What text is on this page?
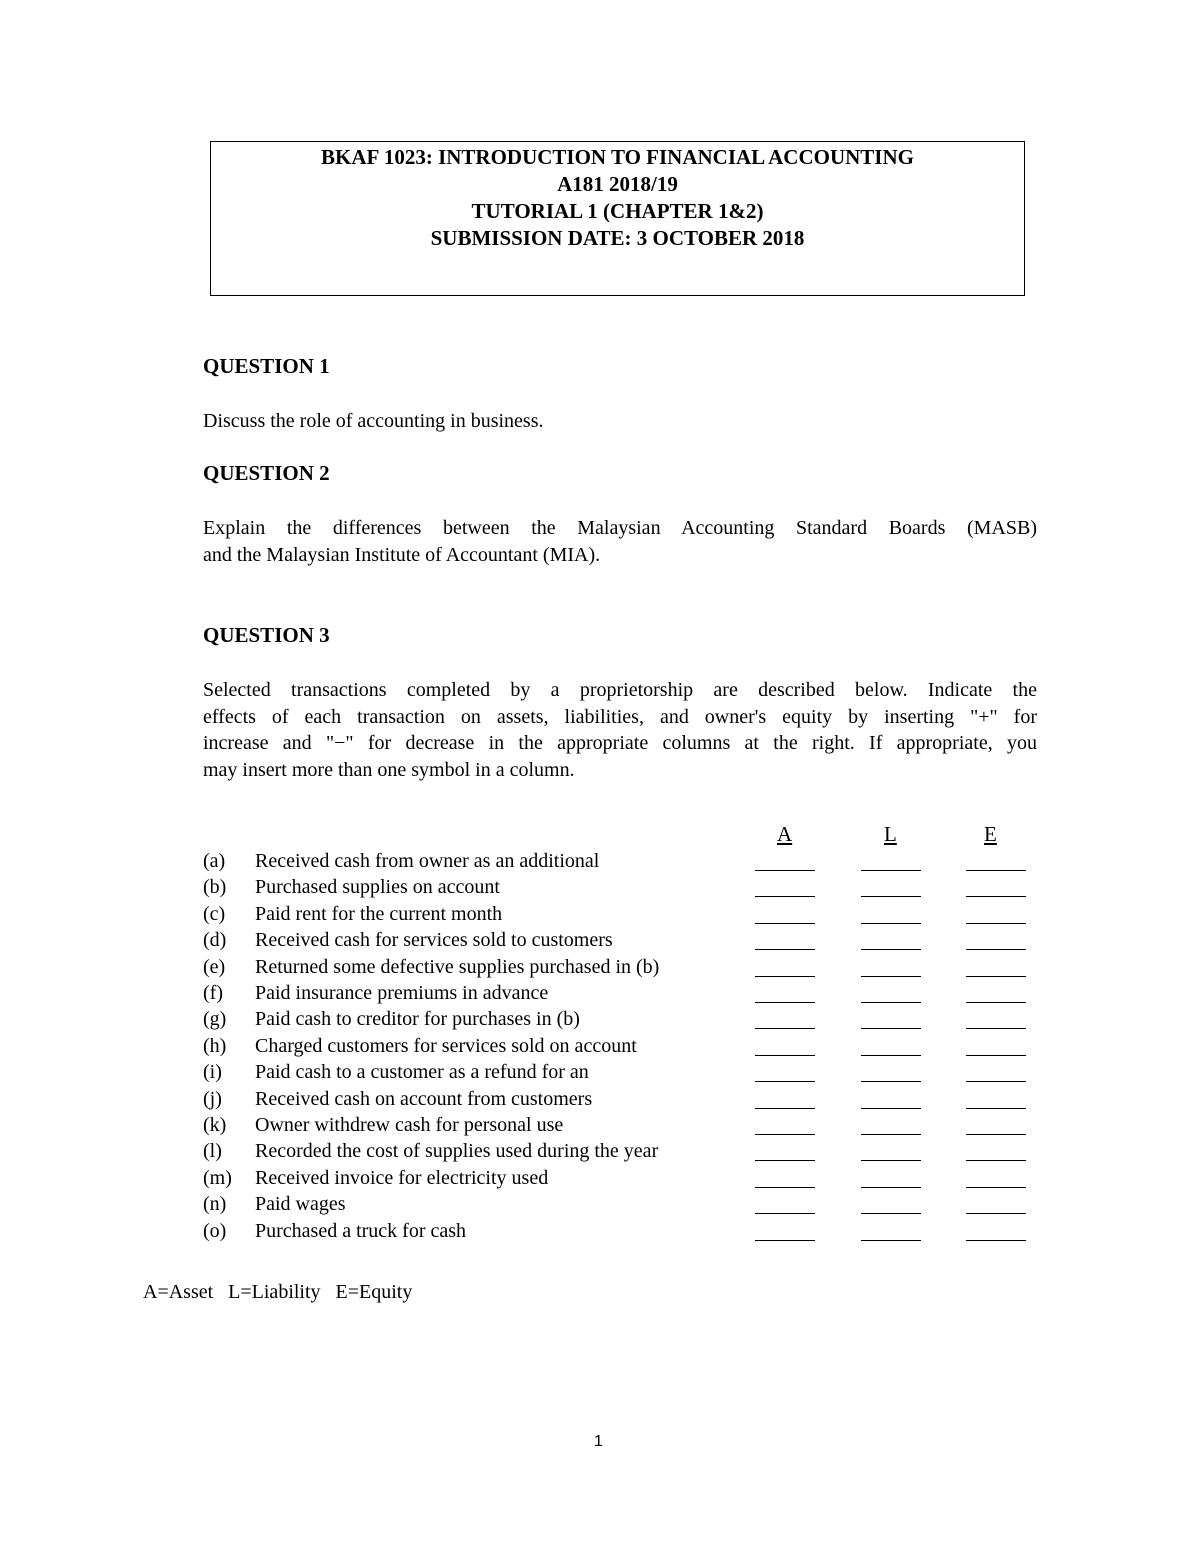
BKAF 1023: INTRODUCTION TO FINANCIAL ACCOUNTING
A181 2018/19
TUTORIAL 1 (CHAPTER 1&2)
SUBMISSION DATE: 3 OCTOBER 2018
QUESTION 1
Discuss the role of accounting in business.
QUESTION 2
Explain the differences between the Malaysian Accounting Standard Boards (MASB)
and the Malaysian Institute of Accountant (MIA).
QUESTION 3
Selected transactions completed by a proprietorship are described below. Indicate the
effects of each transaction on assets, liabilities, and owner's equity by inserting "+" for
increase and "−" for decrease in the appropriate columns at the right. If appropriate, you
may insert more than one symbol in a column.
A	L	E
(a) Received cash from owner as an additional
(b) Purchased supplies on account
(c) Paid rent for the current month
(d) Received cash for services sold to customers
(e) Returned some defective supplies purchased in (b)
(f) Paid insurance premiums in advance
(g) Paid cash to creditor for purchases in (b)
(h) Charged customers for services sold on account
(i) Paid cash to a customer as a refund for an
(j) Received cash on account from customers
(k) Owner withdrew cash for personal use
(l) Recorded the cost of supplies used during the year
(m) Received invoice for electricity used
(n) Paid wages
(o) Purchased a truck for cash
A=Asset   L=Liability   E=Equity
1
